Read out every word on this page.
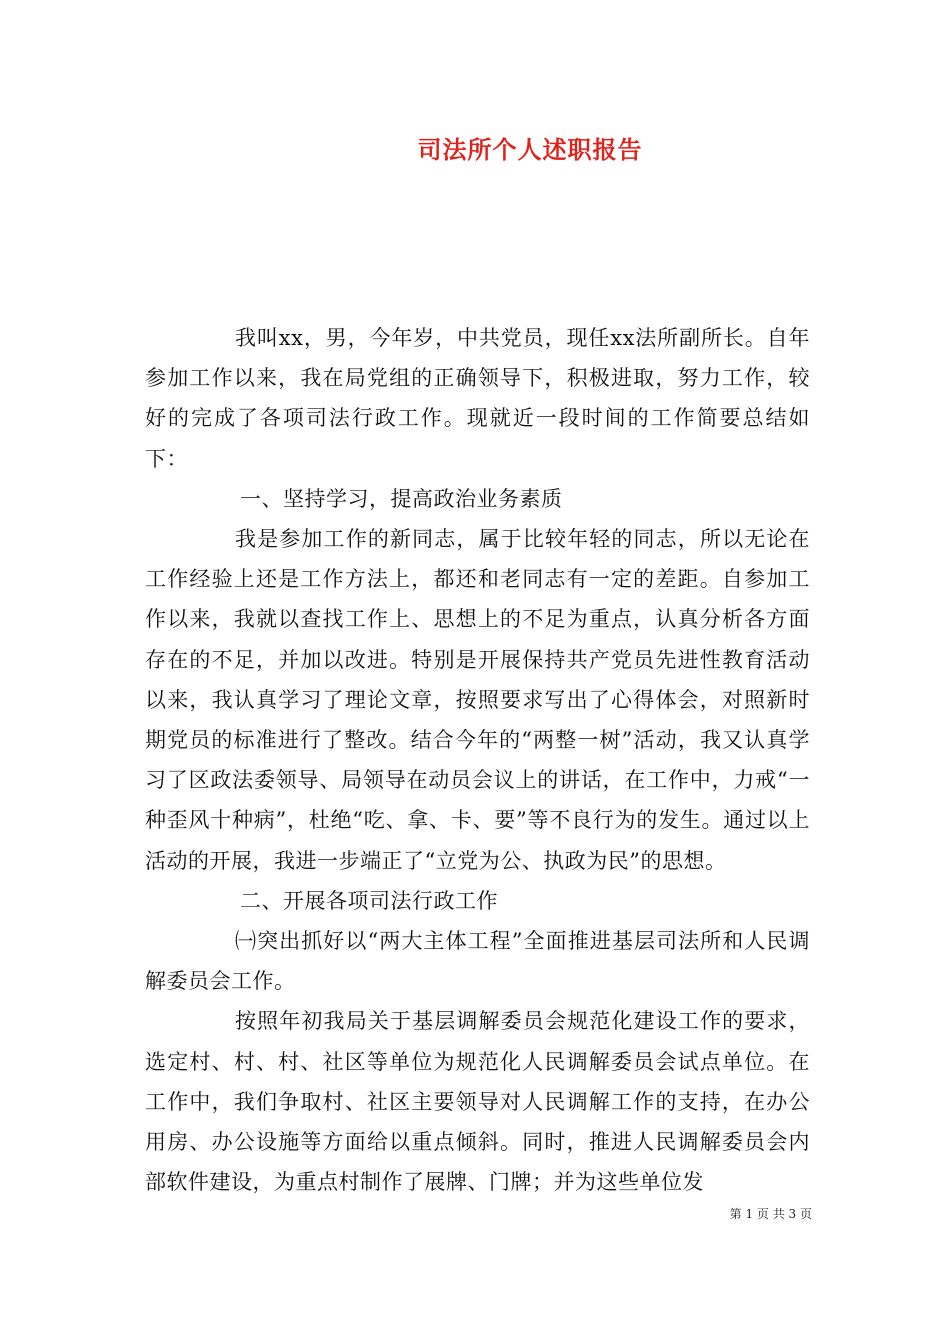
司法所个人述职报告

我叫xx，男，今年岁，中共党员，现任xx法所副所长。自年参加工作以来，我在局党组的正确领导下，积极进取，努力工作，较好的完成了各项司法行政工作。现就近一段时间的工作简要总结如下：

一、坚持学习，提高政治业务素质

我是参加工作的新同志，属于比较年轻的同志，所以无论在工作经验上还是工作方法上，都还和老同志有一定的差距。自参加工作以来，我就以查找工作上、思想上的不足为重点，认真分析各方面存在的不足，并加以改进。特别是开展保持共产党员先进性教育活动以来，我认真学习了理论文章，按照要求写出了心得体会，对照新时期党员的标准进行了整改。结合今年的“两整一树”活动，我又认真学习了区政法委领导、局领导在动员会议上的讲话，在工作中，力戒“一种歪风十种病”，杜绝“吃、拿、卡、要”等不良行为的发生。通过以上活动的开展，我进一步端正了“立党为公、执政为民”的思想。

二、开展各项司法行政工作

㈠突出抓好以“两大主体工程”全面推进基层司法所和人民调解委员会工作。

按照年初我局关于基层调解委员会规范化建设工作的要求，选定村、村、村、社区等单位为规范化人民调解委员会试点单位。在工作中，我们争取村、社区主要领导对人民调解工作的支持，在办公用房、办公设施等方面给以重点倾斜。同时，推进人民调解委员会内部软件建设，为重点村制作了展牌、门牌；并为这些单位发

第 1 页 共 3 页
